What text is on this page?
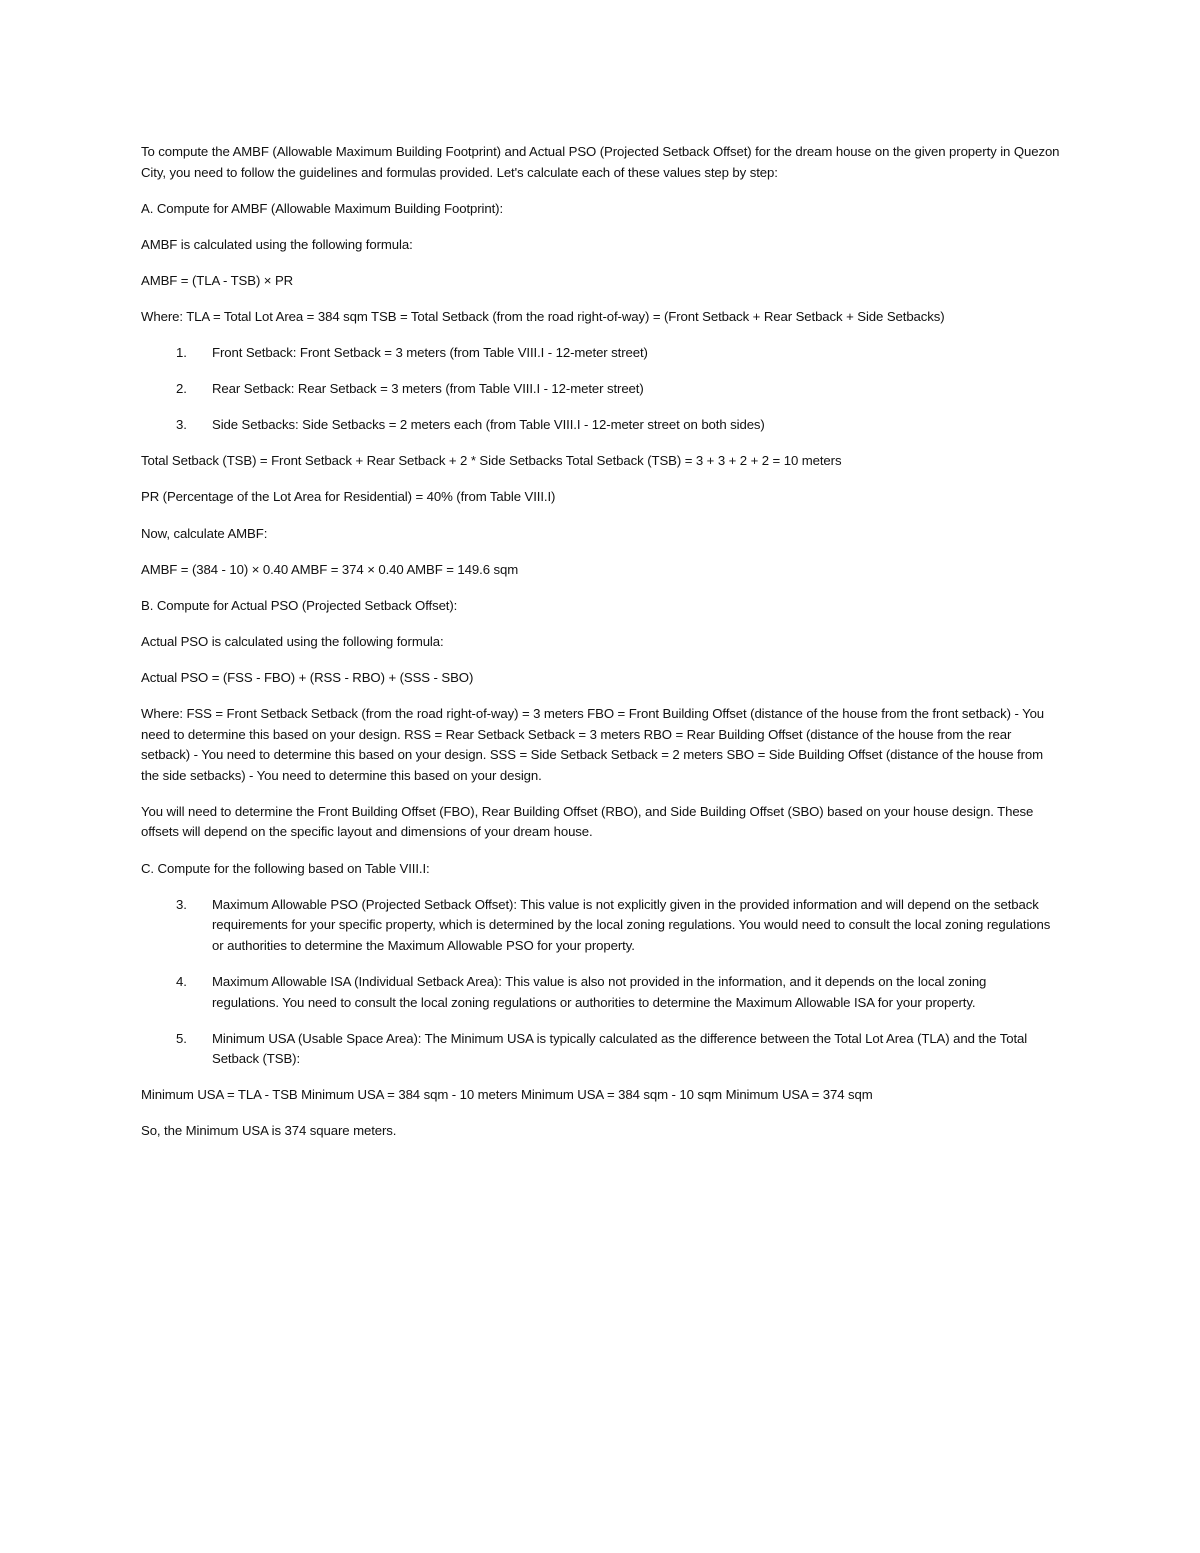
To compute the AMBF (Allowable Maximum Building Footprint) and Actual PSO (Projected Setback Offset) for the dream house on the given property in Quezon City, you need to follow the guidelines and formulas provided. Let's calculate each of these values step by step:

A. Compute for AMBF (Allowable Maximum Building Footprint):

AMBF is calculated using the following formula:

AMBF = (TLA - TSB) × PR

Where: TLA = Total Lot Area = 384 sqm TSB = Total Setback (from the road right-of-way) = (Front Setback + Rear Setback + Side Setbacks)

1.	Front Setback: Front Setback = 3 meters (from Table VIII.I - 12-meter street)
2.	Rear Setback: Rear Setback = 3 meters (from Table VIII.I - 12-meter street)
3.	Side Setbacks: Side Setbacks = 2 meters each (from Table VIII.I - 12-meter street on both sides)

Total Setback (TSB) = Front Setback + Rear Setback + 2 * Side Setbacks Total Setback (TSB) = 3 + 3 + 2 + 2 = 10 meters

PR (Percentage of the Lot Area for Residential) = 40% (from Table VIII.I)

Now, calculate AMBF:

AMBF = (384 - 10) × 0.40 AMBF = 374 × 0.40 AMBF = 149.6 sqm

B. Compute for Actual PSO (Projected Setback Offset):

Actual PSO is calculated using the following formula:

Actual PSO = (FSS - FBO) + (RSS - RBO) + (SSS - SBO)

Where: FSS = Front Setback Setback (from the road right-of-way) = 3 meters FBO = Front Building Offset (distance of the house from the front setback) - You need to determine this based on your design. RSS = Rear Setback Setback = 3 meters RBO = Rear Building Offset (distance of the house from the rear setback) - You need to determine this based on your design. SSS = Side Setback Setback = 2 meters SBO = Side Building Offset (distance of the house from the side setbacks) - You need to determine this based on your design.

You will need to determine the Front Building Offset (FBO), Rear Building Offset (RBO), and Side Building Offset (SBO) based on your house design. These offsets will depend on the specific layout and dimensions of your dream house.

C. Compute for the following based on Table VIII.I:

3.	Maximum Allowable PSO (Projected Setback Offset): This value is not explicitly given in the provided information and will depend on the setback requirements for your specific property, which is determined by the local zoning regulations. You would need to consult the local zoning regulations or authorities to determine the Maximum Allowable PSO for your property.
4.	Maximum Allowable ISA (Individual Setback Area): This value is also not provided in the information, and it depends on the local zoning regulations. You need to consult the local zoning regulations or authorities to determine the Maximum Allowable ISA for your property.
5.	Minimum USA (Usable Space Area): The Minimum USA is typically calculated as the difference between the Total Lot Area (TLA) and the Total Setback (TSB):

Minimum USA = TLA - TSB Minimum USA = 384 sqm - 10 meters Minimum USA = 384 sqm - 10 sqm Minimum USA = 374 sqm

So, the Minimum USA is 374 square meters.
